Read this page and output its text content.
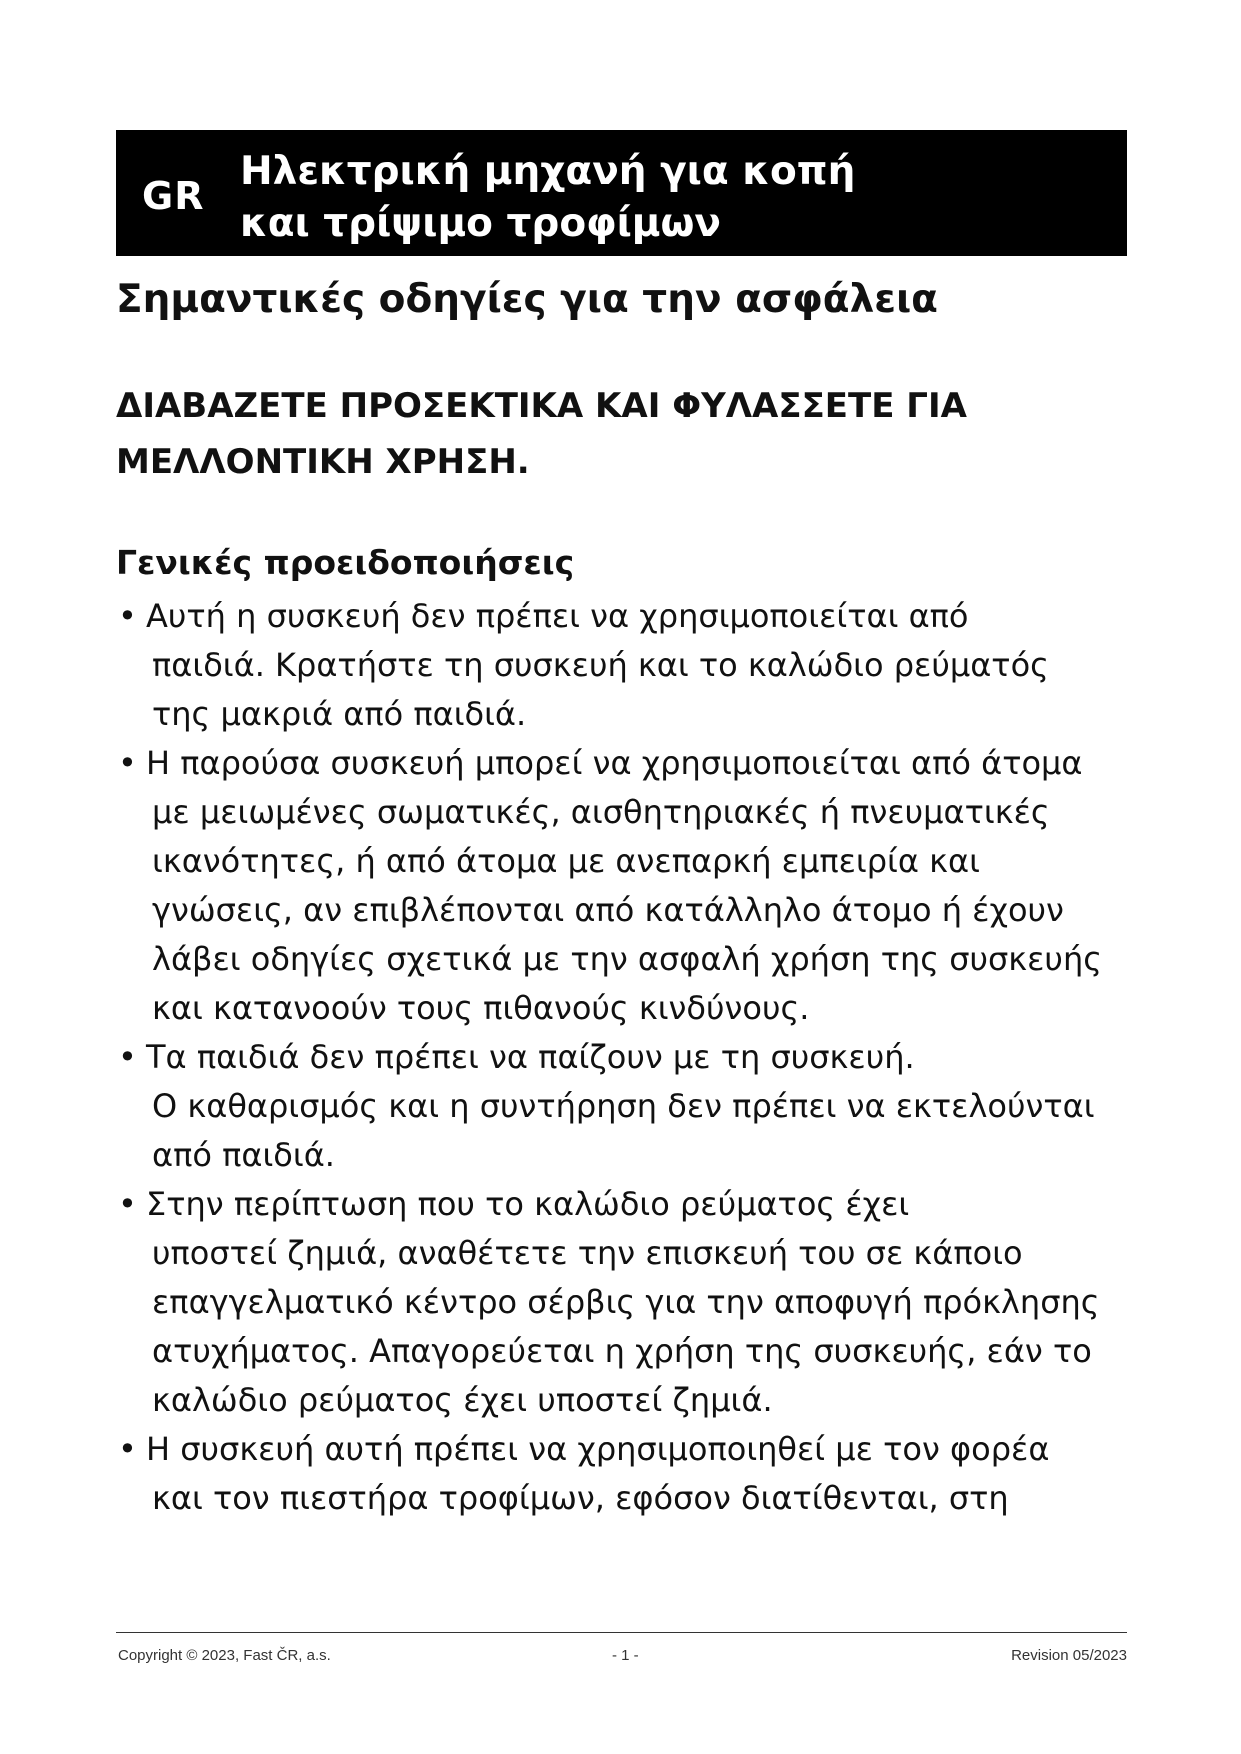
GR
Ηλεκτρική μηχανή για κοπή
και τρίψιμο τροφίμων
Σημαντικές οδηγίες για την ασφάλεια
ΔΙΑΒΑΖΕΤΕ ΠΡΟΣΕΚΤΙΚΑ ΚΑΙ ΦΥΛΑΣΣΕΤΕ ΓΙΑ
ΜΕΛΛΟΝΤΙΚΗ ΧΡΗΣΗ.
Γενικές προειδοποιήσεις
• Αυτή η συσκευή δεν πρέπει να χρησιμοποιείται από
παιδιά. Κρατήστε τη συσκευή και το καλώδιο ρεύματός
της μακριά από παιδιά.
• Η παρούσα συσκευή μπορεί να χρησιμοποιείται από άτομα
με μειωμένες σωματικές, αισθητηριακές ή πνευματικές
ικανότητες, ή από άτομα με ανεπαρκή εμπειρία και
γνώσεις, αν επιβλέπονται από κατάλληλο άτομο ή έχουν
λάβει οδηγίες σχετικά με την ασφαλή χρήση της συσκευής
και κατανοούν τους πιθανούς κινδύνους.
• Τα παιδιά δεν πρέπει να παίζουν με τη συσκευή.
Ο καθαρισμός και η συντήρηση δεν πρέπει να εκτελούνται
από παιδιά.
• Στην περίπτωση που το καλώδιο ρεύματος έχει
υποστεί ζημιά, αναθέτετε την επισκευή του σε κάποιο
επαγγελματικό κέντρο σέρβις για την αποφυγή πρόκλησης
ατυχήματος. Απαγορεύεται η χρήση της συσκευής, εάν το
καλώδιο ρεύματος έχει υποστεί ζημιά.
• Η συσκευή αυτή πρέπει να χρησιμοποιηθεί με τον φορέα
και τον πιεστήρα τροφίμων, εφόσον διατίθενται, στη
Copyright © 2023, Fast ČR, a.s.	- 1 -	Revision 05/2023
